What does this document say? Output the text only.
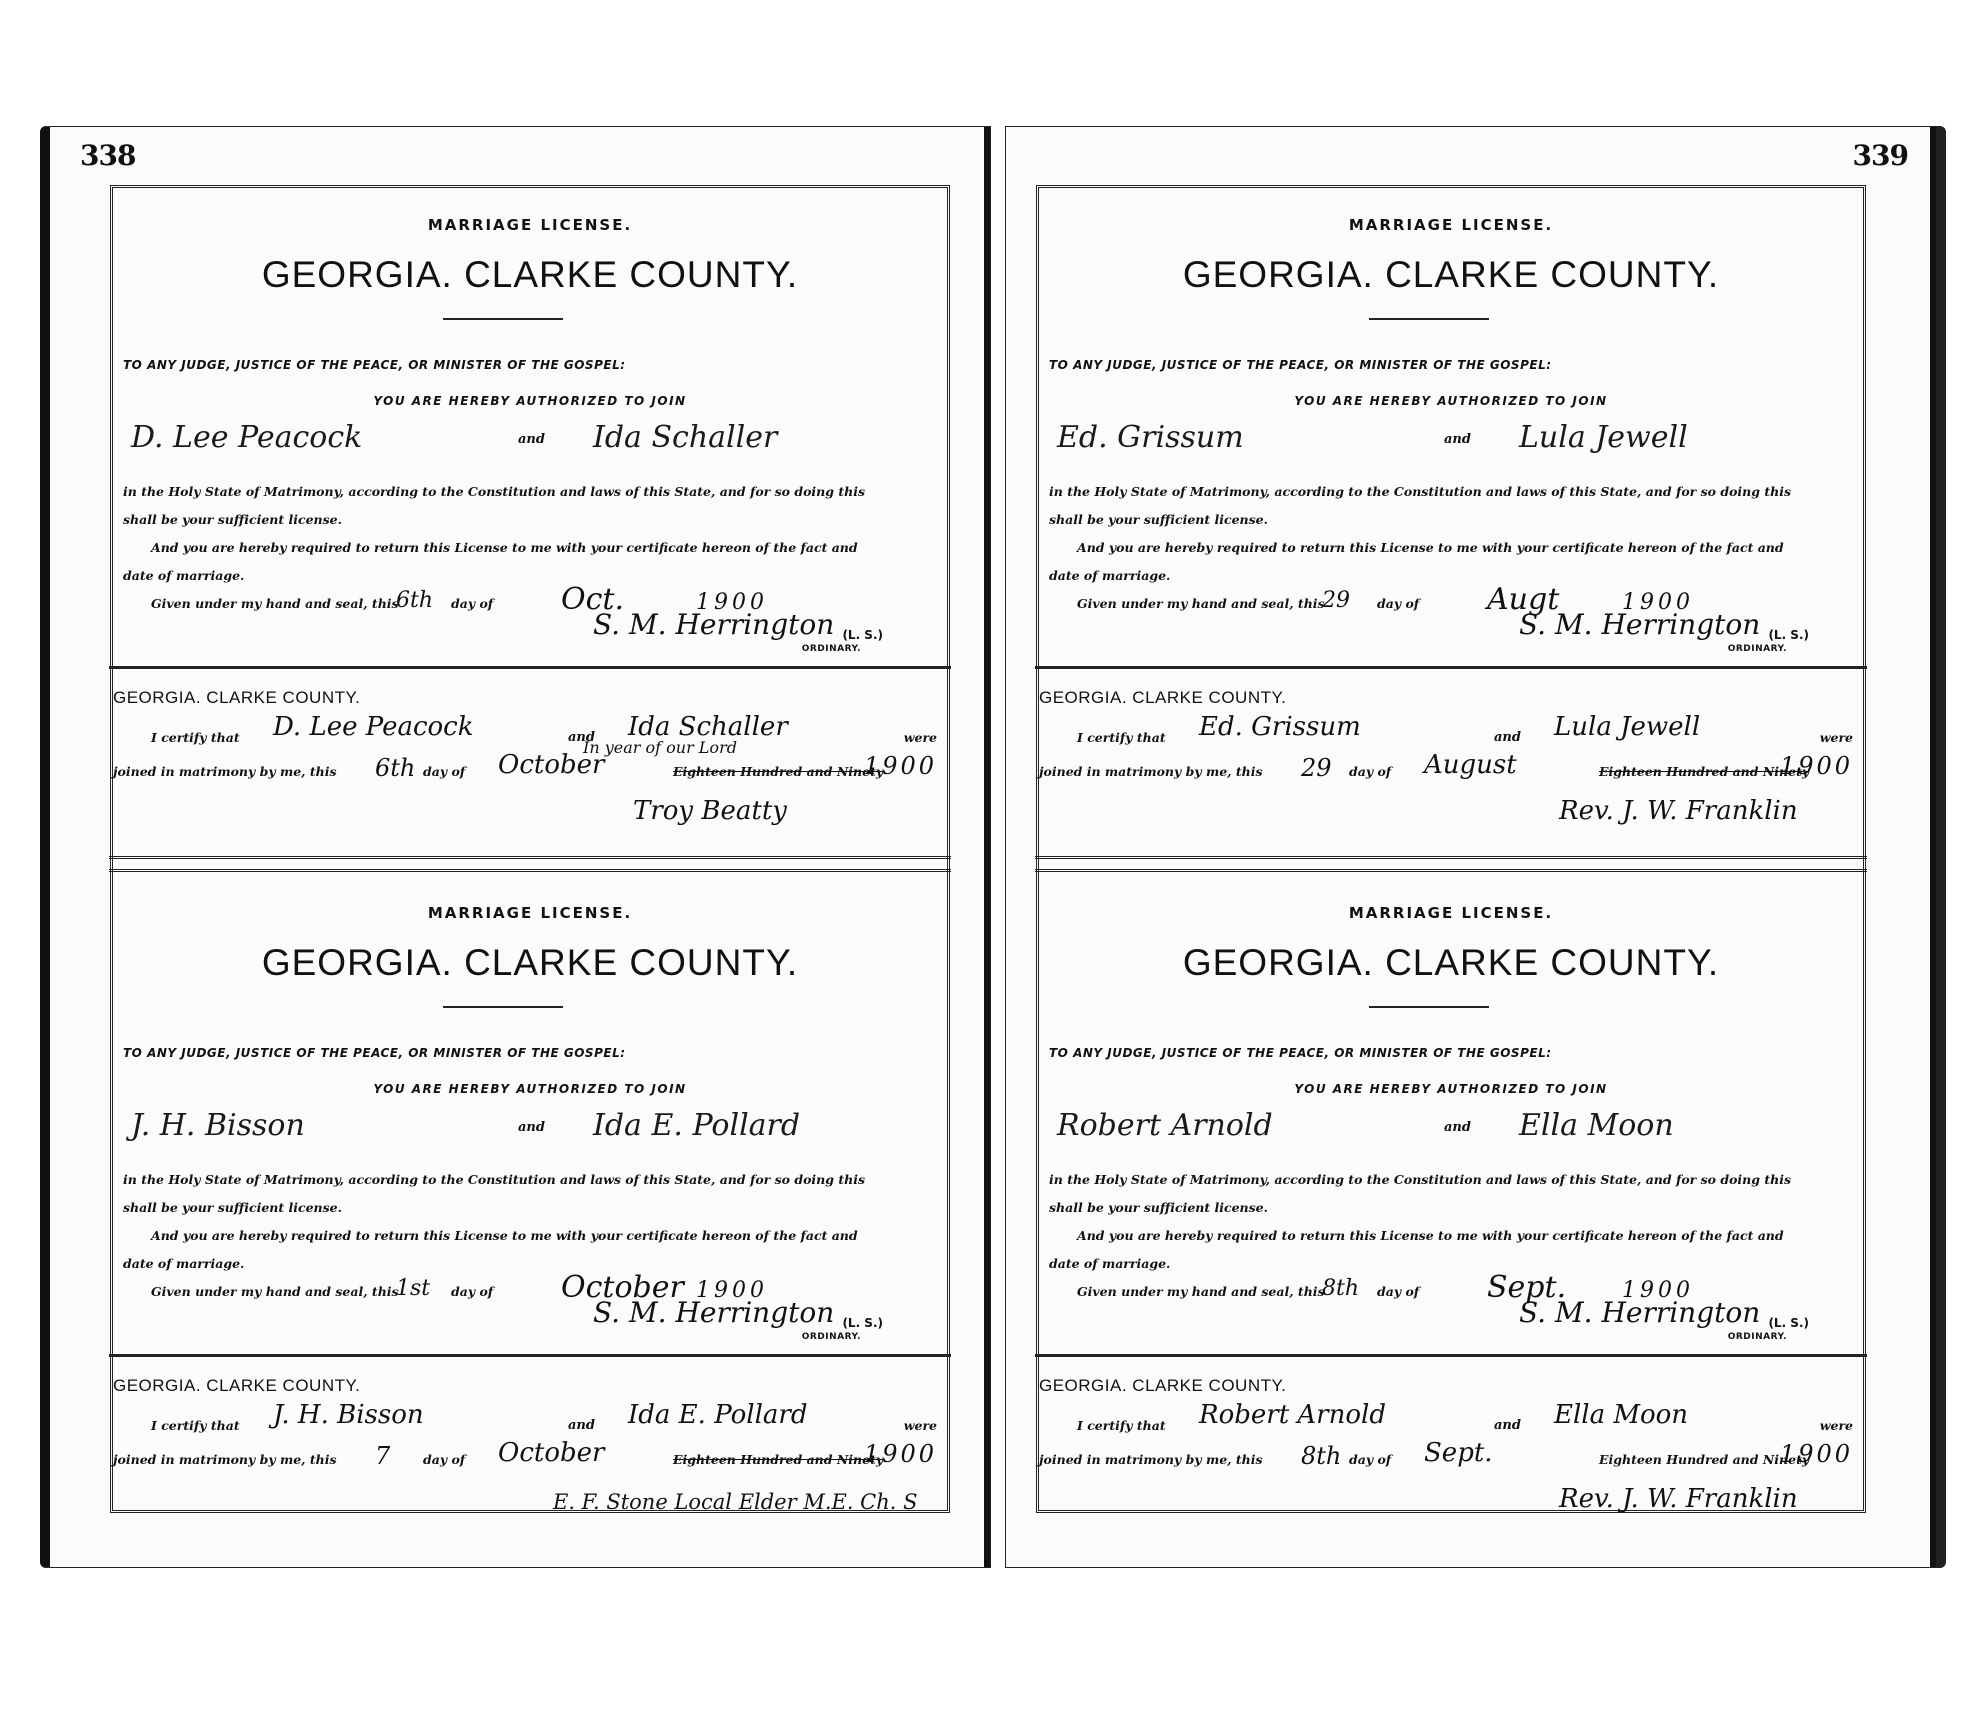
338
MARRIAGE LICENSE.
GEORGIA. CLARKE COUNTY.
TO ANY JUDGE, JUSTICE OF THE PEACE, OR MINISTER OF THE GOSPEL:
YOU ARE HEREBY AUTHORIZED TO JOIN
D. Lee Peacock	and Ida Schaller

in the Holy State of Matrimony, according to the Constitution and laws of this State, and for so doing this

shall be your sufficient license.

And you are hereby required to return this License to me with your certificate hereon of the fact and

date of marriage.

Given under my hand and seal, this
6th day of Oct.	1900
S. M. Herrington (L. S.)
ORDINARY.
GEORGIA. CLARKE COUNTY.
I certify that D. Lee Peacock	and Ida Schaller	were
joined in matrimony by me, this 6th day of October
In year of our Lord
Eighteen Hundred and Ninety
1900
Troy Beatty
MARRIAGE LICENSE.
GEORGIA. CLARKE COUNTY.
TO ANY JUDGE, JUSTICE OF THE PEACE, OR MINISTER OF THE GOSPEL:
YOU ARE HEREBY AUTHORIZED TO JOIN
J. H. Bisson	and Ida E. Pollard

in the Holy State of Matrimony, according to the Constitution and laws of this State, and for so doing this

shall be your sufficient license.

And you are hereby required to return this License to me with your certificate hereon of the fact and

date of marriage.

Given under my hand and seal, this
1st day of October 1900
S. M. Herrington (L. S.)
ORDINARY.
GEORGIA. CLARKE COUNTY.
I certify that J. H. Bisson	and Ida E. Pollard	were
joined in matrimony by me, this 7	day of October	Eighteen Hundred and Ninety
1900
E. F. Stone Local Elder M.E. Ch. S
339
MARRIAGE LICENSE.
GEORGIA. CLARKE COUNTY.
TO ANY JUDGE, JUSTICE OF THE PEACE, OR MINISTER OF THE GOSPEL:
YOU ARE HEREBY AUTHORIZED TO JOIN
Ed. Grissum	and Lula Jewell

in the Holy State of Matrimony, according to the Constitution and laws of this State, and for so doing this

shall be your sufficient license.

And you are hereby required to return this License to me with your certificate hereon of the fact and

date of marriage.

Given under my hand and seal, this
29 day of Augt	1900
S. M. Herrington (L. S.)
ORDINARY.
GEORGIA. CLARKE COUNTY.
I certify that Ed. Grissum	and Lula Jewell	were
joined in matrimony by me, this 29 day of August	Eighteen Hundred and Ninety
1900
Rev. J. W. Franklin
MARRIAGE LICENSE.
GEORGIA. CLARKE COUNTY.
TO ANY JUDGE, JUSTICE OF THE PEACE, OR MINISTER OF THE GOSPEL:
YOU ARE HEREBY AUTHORIZED TO JOIN
Robert Arnold	and Ella Moon

in the Holy State of Matrimony, according to the Constitution and laws of this State, and for so doing this

shall be your sufficient license.

And you are hereby required to return this License to me with your certificate hereon of the fact and

date of marriage.

Given under my hand and seal, this
8th day of Sept.	1900
S. M. Herrington (L. S.)
ORDINARY.
GEORGIA. CLARKE COUNTY.
I certify that Robert Arnold	and Ella Moon	were
joined in matrimony by me, this 8th day of Sept.	Eighteen Hundred and Ninety
1900
Rev. J. W. Franklin
